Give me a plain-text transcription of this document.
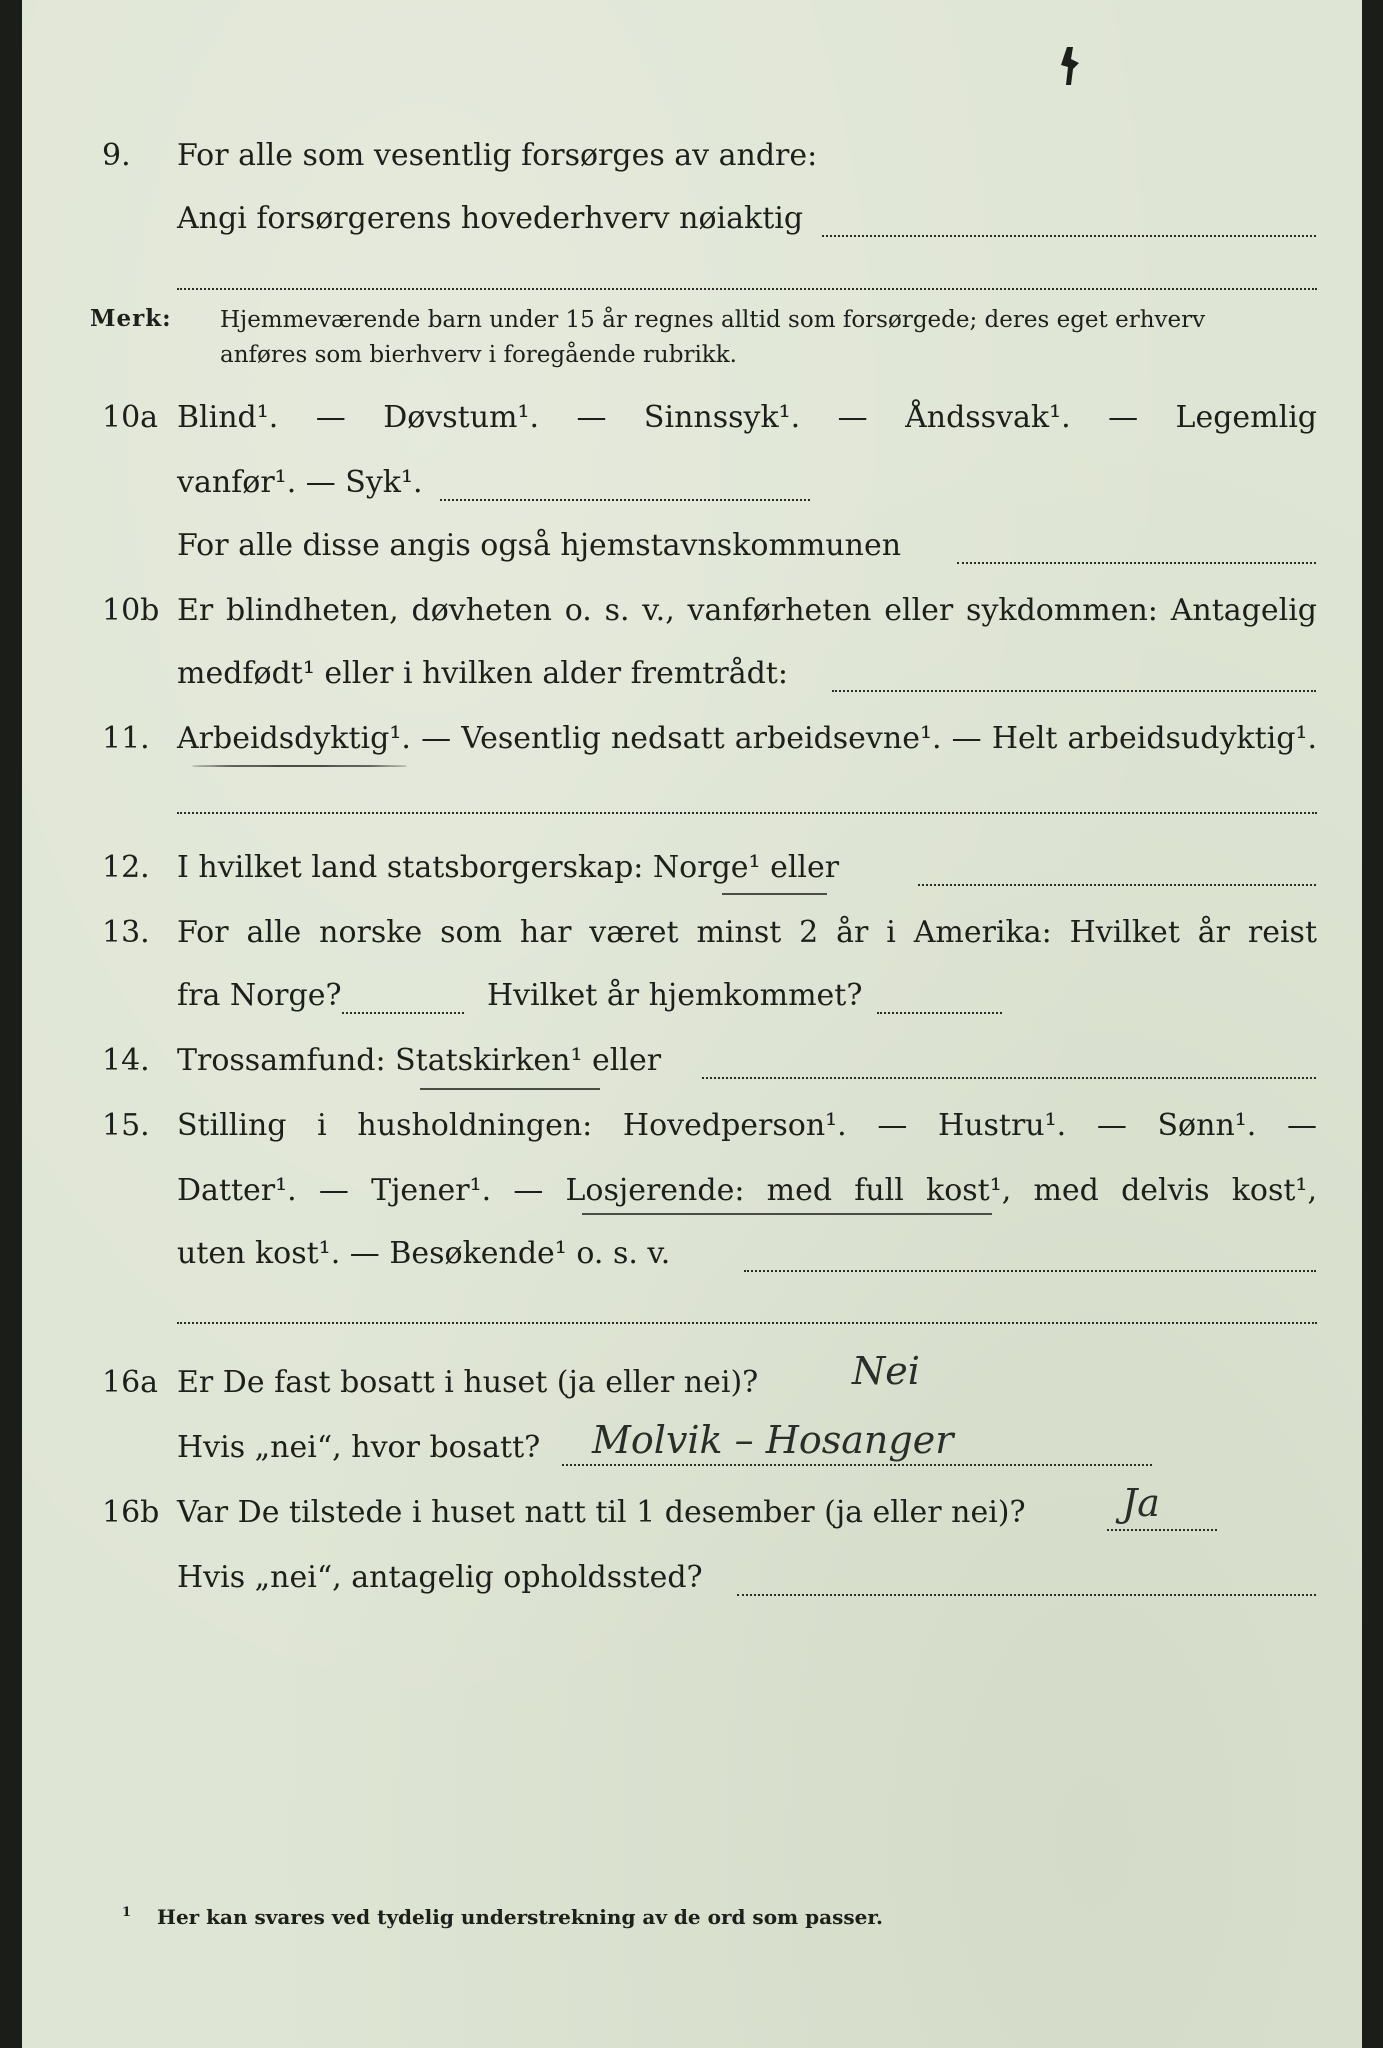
9. For alle som vesentlig forsørges av andre:
Angi forsørgerens hovederhverv nøiaktig
Merk: Hjemmeværende barn under 15 år regnes alltid som forsørgede; deres eget erhverv
anføres som bierhverv i foregående rubrikk.
10a Blind¹. — Døvstum¹. — Sinnssyk¹. — Åndssvak¹. — Legemlig
vanfør¹. — Syk¹.
For alle disse angis også hjemstavnskommunen
10b Er blindheten, døvheten o. s. v., vanførheten eller sykdommen: Antagelig
medfødt¹ eller i hvilken alder fremtrådt:
11. Arbeidsdyktig¹. — Vesentlig nedsatt arbeidsevne¹. — Helt arbeidsudyktig¹.
12. I hvilket land statsborgerskap: Norge¹ eller
13. For alle norske som har været minst 2 år i Amerika: Hvilket år reist
fra Norge?	Hvilket år hjemkommet?
14. Trossamfund: Statskirken¹ eller
15. Stilling i husholdningen: Hovedperson¹. — Hustru¹. — Sønn¹. —
Datter¹. — Tjener¹. — Losjerende: med full kost¹, med delvis kost¹,
uten kost¹. — Besøkende¹ o. s. v.
16a Er De fast bosatt i huset (ja eller nei)? Nei
Hvis „nei“, hvor bosatt? Molvik – Hosanger
16b Var De tilstede i huset natt til 1 desember (ja eller nei)?	Ja
Hvis „nei“, antagelig opholdssted?
$^1$ Her kan svares ved tydelig understrekning av de ord som passer.
